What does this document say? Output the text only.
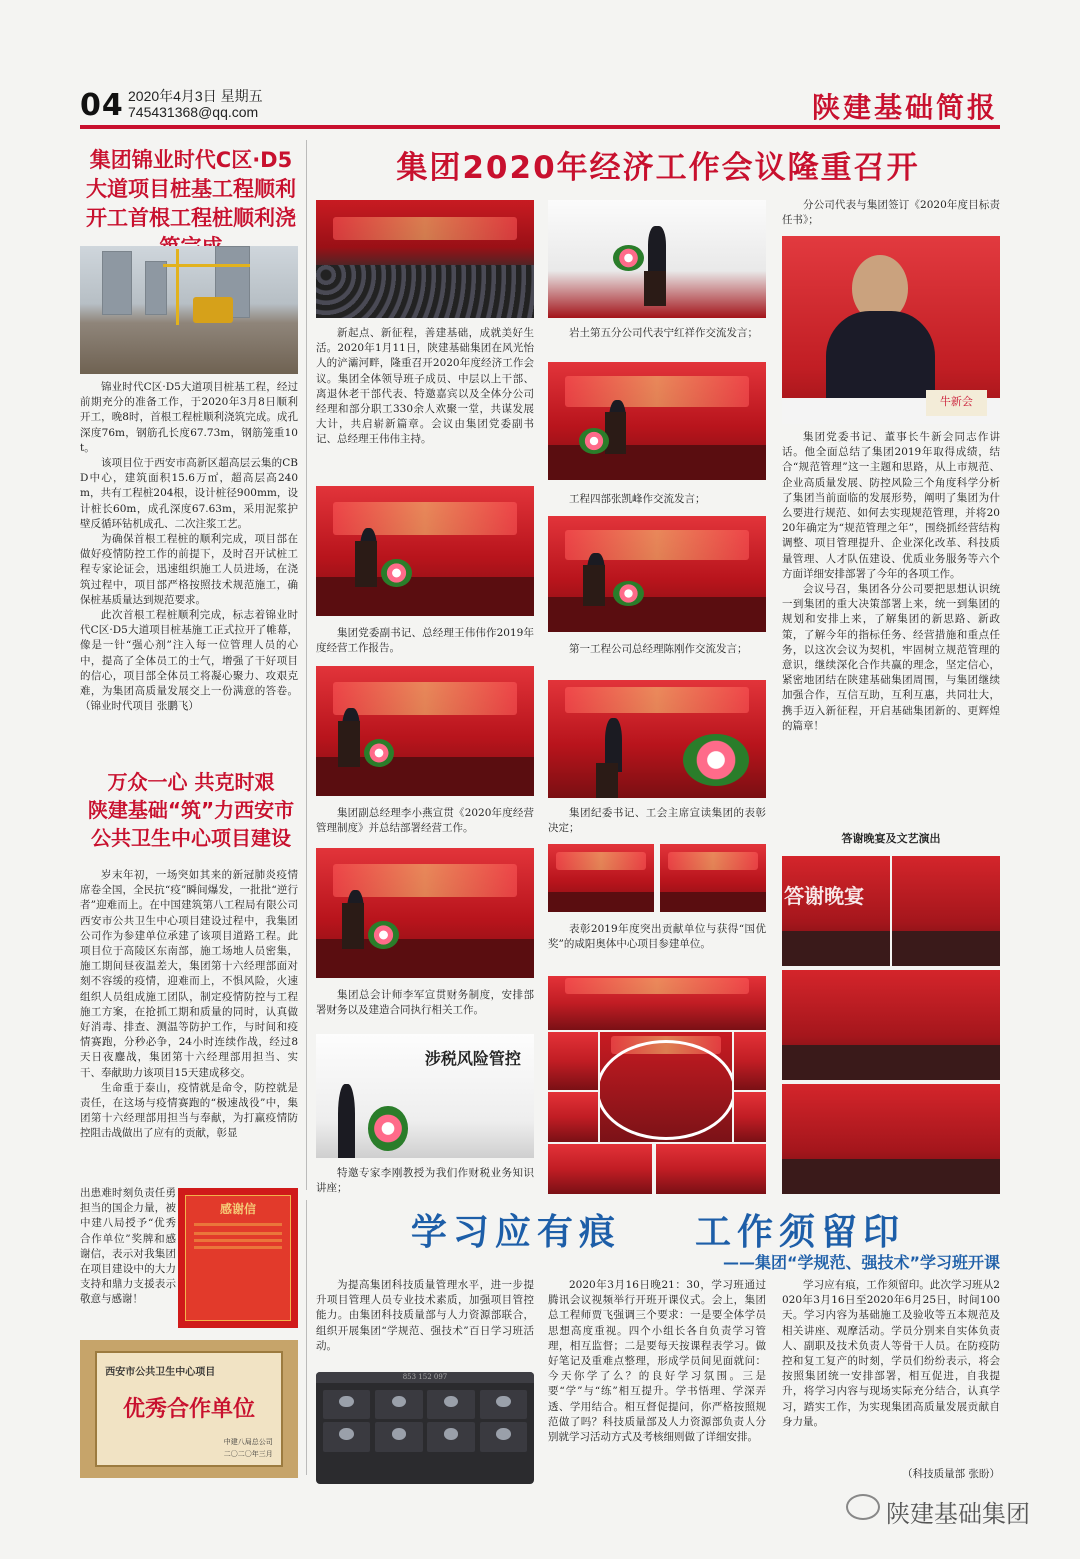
04 2020年4月3日 星期五
745431368@qq.com	陕建基础简报
集团锦业时代C区·D5大道项目桩基工程顺利开工首根工程桩顺利浇

锦业时代C区·D5大道项目桩基工程，经过前期充分的准备工作，于2020年3月8日顺利开工，晚8时，首根工程桩顺利浇筑完成。成孔深度76m，钢筋孔长度67.73m，钢筋笼重10t。

该项目位于西安市高新区超高层云集的CBD中心，建筑面积15.6万㎡，超高层高240m，共有工程桩204根，设计桩径900mm，设计桩长60m，成孔深度67.63m，采用泥浆护壁反循环钻机成孔、二次注浆工艺。

为确保首根工程桩的顺利完成，项目部在做好疫情防控工作的前提下，及时召开试桩工程专家论证会，迅速组织施工人员进场，在浇筑过程中，项目部严格按照技术规范施工，确保桩基质量达到规范要求。

此次首根工程桩顺利完成，标志着锦业时代C区·D5大道项目桩基施工正式拉开了帷幕，像是一针“强心剂”注入每一位管理人员的心中，提高了全体员工的士气，增强了干好项目的信心，项目部全体员工将凝心聚力、攻艰克难，为集团高质量发展交上一份满意的答卷。（锦业时代项目 张鹏飞）

万众一心 共克时艰
陕建基础“筑”力西安市公共卫生中心项目建设

岁末年初，一场突如其来的新冠肺炎疫情席卷全国，全民抗“疫”瞬间爆发，一批批“逆行者”迎难而上。在中国建筑第八工程局有限公司西安市公共卫生中心项目建设过程中，我集团公司作为参建单位承建了该项目道路工程。此项目位于高陵区东南部，施工场地人员密集，施工期间昼夜温差大，集团第十六经理部面对刻不容缓的疫情，迎难而上，不惧风险，火速组织人员组成施工团队，制定疫情防控与工程施工方案，在抢抓工期和质量的同时，认真做好消毒、排查、测温等防护工作，与时间和疫情赛跑，分秒必争，24小时连续作战，经过8天日夜鏖战，集团第十六经理部用担当、实干、奉献助力该项目15天建成移交。

生命重于泰山，疫情就是命令，防控就是责任，在这场与疫情赛跑的“极速战役”中，集团第十六经理部用担当与奉献，为打赢疫情防控阻击战做出了应有的贡献，彰显

出患难时刻负责任勇担当的国企力量，被中建八局授予“优秀合作单位”奖牌和感谢信，表示对我集团在项目建设中的大力支持和鼎力支援表示敬意与感谢！
感谢信
西安市公共卫生中心项目
优秀合作单位
中建八局总公司
二〇二〇年三月
集团2020年经济工作会议隆重召开

新起点、新征程，善建基础，成就美好生活。2020年1月11日，陕建基础集团在风光怡人的浐灞河畔，隆重召开2020年度经济工作会议。集团全体领导班子成员、中层以上干部、离退休老干部代表、特邀嘉宾以及全体分公司经理和部分职工330余人欢聚一堂，共谋发展大计，共启崭新篇章。会议由集团党委副书记、总经理王伟伟主持。

集团党委副书记、总经理王伟伟作2019年度经营工作报告。
集团副总经理李小燕宣贯《2020年度经营管理制度》并总结部署经营工作。
集团总会计师李军宣贯财务制度，安排部署财务以及建造合同执行相关工作。
涉税风险管控
特邀专家李刚教授为我们作财税业务知识讲座；
岩土第五分公司代表宁红祥作交流发言；
工程四部张凯峰作交流发言；
第一工程公司总经理陈刚作交流发言；
集团纪委书记、工会主席宣读集团的表彰决定；
表彰2019年度突出贡献单位与获得“国优奖”的咸阳奥体中心项目参建单位。
分公司代表与集团签订《2020年度目标责任书》；
牛新会

集团党委书记、董事长牛新会同志作讲话。他全面总结了集团2019年取得成绩，结合“规范管理”这一主题和思路，从上市规范、企业高质量发展、防控风险三个角度科学分析了集团当前面临的发展形势，阐明了集团为什么要进行规范、如何去实现规范管理，并将2020年确定为“规范管理之年”，围绕抓经营结构调整、项目管理提升、企业深化改革、科技质量管理、人才队伍建设、优质业务服务等六个方面详细安排部署了今年的各项工作。

会议号召，集团各分公司要把思想认识统一到集团的重大决策部署上来，统一到集团的规划和安排上来，了解集团的新思路、新政策，了解今年的指标任务、经营措施和重点任务，以这次会议为契机，牢固树立规范管理的意识，继续深化合作共赢的理念，坚定信心，紧密地团结在陕建基础集团周围，与集团继续加强合作，互信互助，互利互惠，共同壮大，携手迈入新征程，开启基础集团新的、更辉煌的篇章！

答谢晚宴及文艺演出
答谢晚宴
学习应有痕    工作须留印
——集团“学规范、强技术”学习班开课

为提高集团科技质量管理水平，进一步提升项目管理人员专业技术素质，加强项目管控能力。由集团科技质量部与人力资源部联合，组织开展集团“学规范、强技术”百日学习班活动。

853 152 097

2020年3月16日晚21：30，学习班通过腾讯会议视频举行开班开课仪式。会上，集团总工程师贾飞强调三个要求：一是要全体学员思想高度重视。四个小组长各自负责学习管理，相互监督；二是要每天按课程表学习。做好笔记及重难点整理，形成学员间见面就问：今天你学了么？的良好学习氛围。三是要“学”与“练”相互提升。学书悟理、学深弄透、学用结合。相互督促提问，你严格按照规范做了吗？科技质量部及人力资源部负责人分别就学习活动方式及考核细则做了详细安排。

学习应有痕，工作须留印。此次学习班从2020年3月16日至2020年6月25日，时间100天。学习内容为基础施工及验收等五本规范及相关讲座、观摩活动。学员分别来自实体负责人、副职及技术负责人等骨干人员。在防疫防控和复工复产的时刻，学员们纷纷表示，将会按照集团统一安排部署，相互促进，自我提升，将学习内容与现场实际充分结合，认真学习，踏实工作，为实现集团高质量发展贡献自身力量。

（科技质量部 张盼）
陕建基础集团
